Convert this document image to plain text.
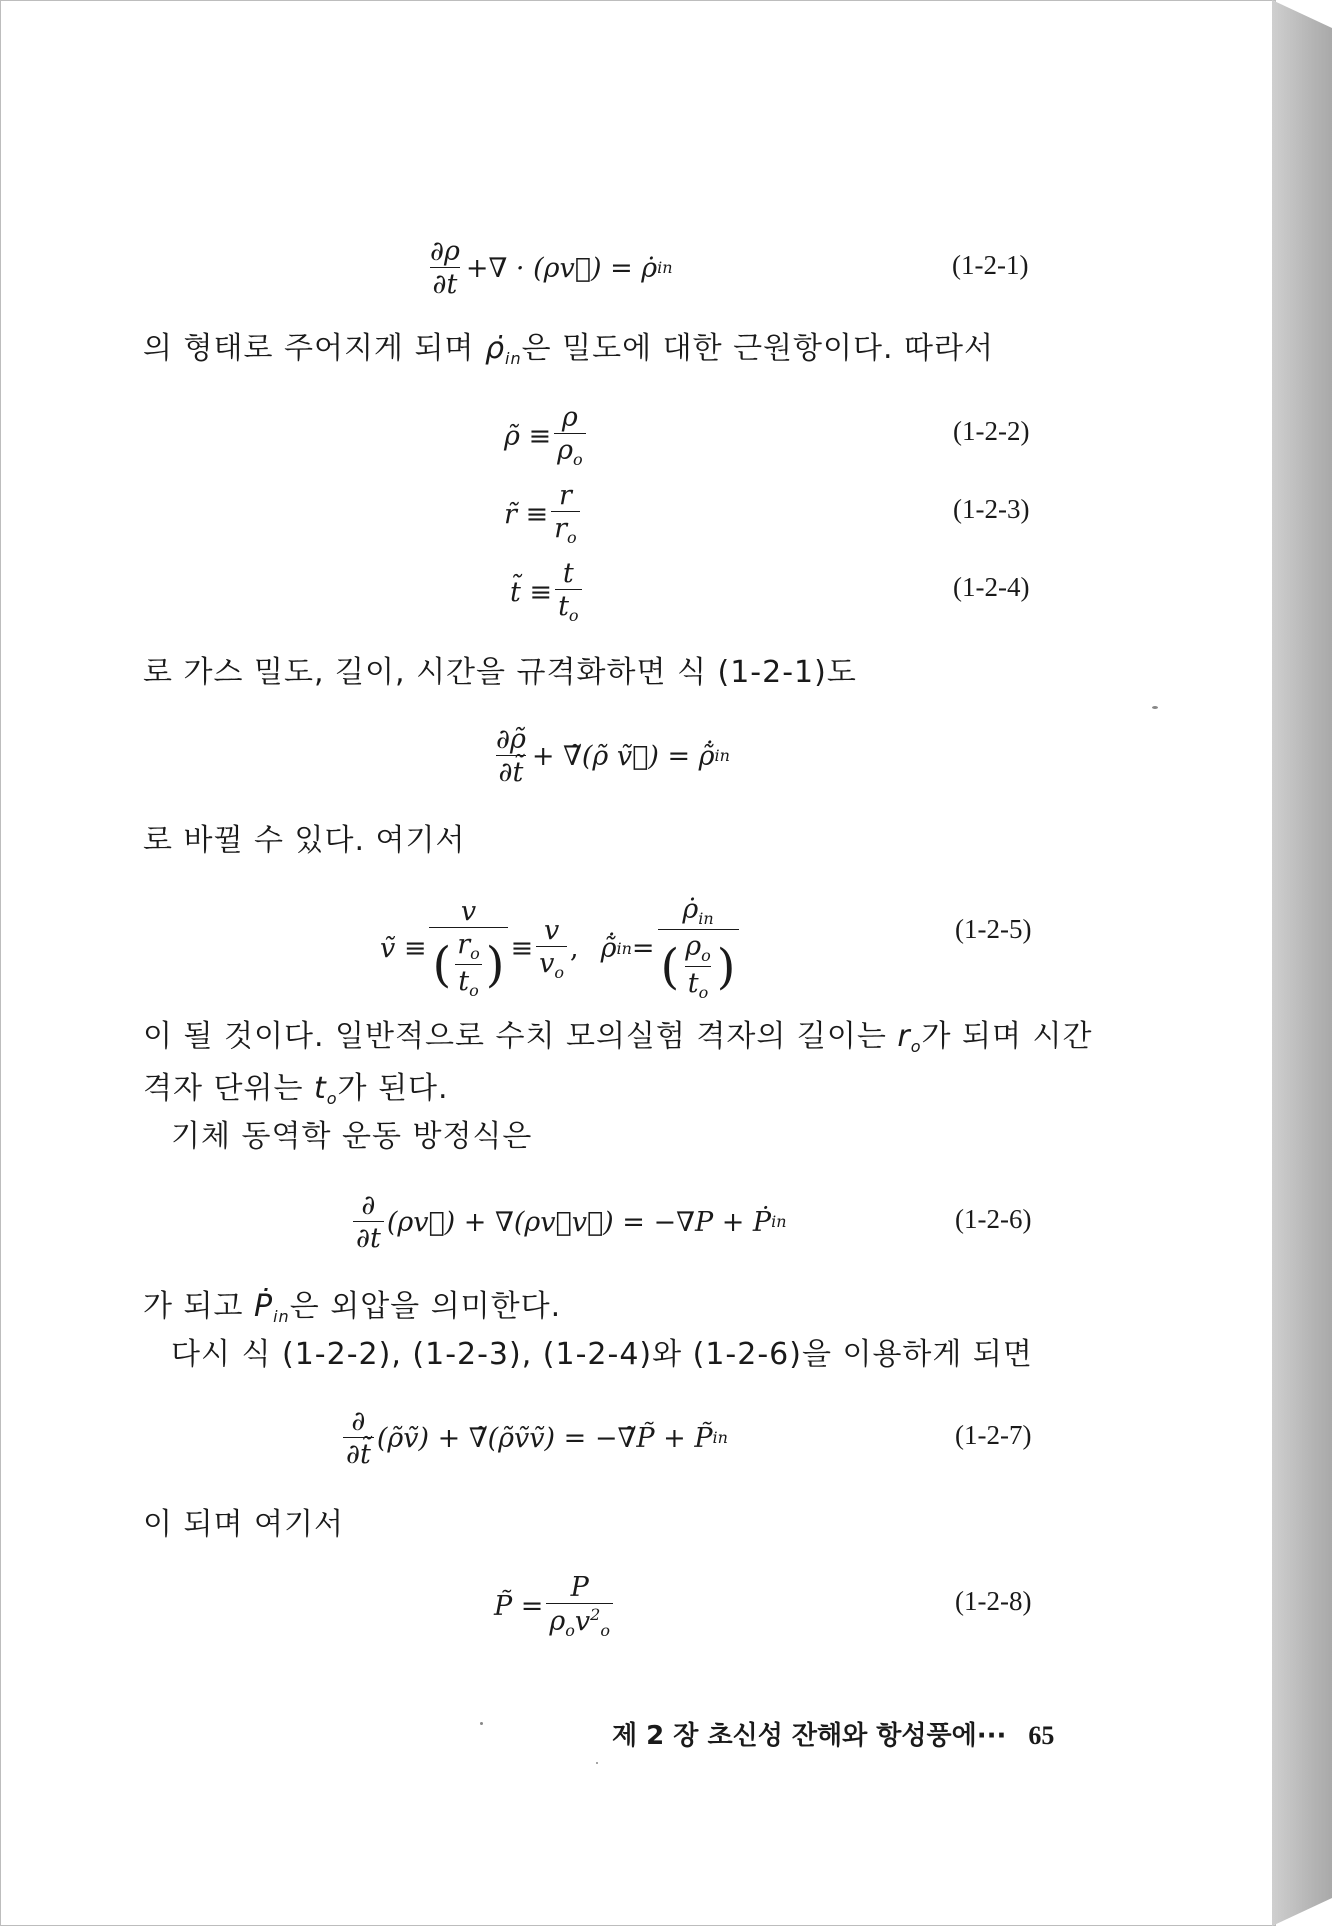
$\frac{\partial\rho}{\partial t}$ +∇ · (ρ v⃗ ) = ρ̇ in	(1-2-1)
의 형태로 주어지게 되며 $\rhȯ_{in}$은 밀도에 대한 근원항이다. 따라서
ρ̃ ≡ $\frac{\rho}{\rho_o}$	(1-2-2)
r̃ ≡ $\frac{r}{r_o}$	(1-2-3)
t̃ ≡ $\frac{t}{t_o}$	(1-2-4)
로 가스 밀도, 길이, 시간을 규격화하면 식 (1-2-1)도
$\frac{\partial\rhõ}{\partial t̃}$ + ∇̃(ρ̃ ṽ⃗) = ρ̃̇ in
로 바뀔 수 있다. 여기서
ṽ ≡ $\frac{v}{( \frac{r_o}{t_o} )} \equiv \frac{v}{v_o}$ , ρ̃̇ in = $\frac{\rhȯ_{in}}{( \frac{\rho_o}{t_o} )}$	(1-2-5)
이 될 것이다. 일반적으로 수치 모의실험 격자의 길이는 $r_o$가 되며 시간
격자 단위는 $t_o$가 된다.
기체 동역학 운동 방정식은
$\frac{\partial}{\partial t}$ (ρv⃗) + ∇(ρv⃗v⃗) = −∇P + Ṗ in	(1-2-6)
가 되고 Ṗ$_{in}$은 외압을 의미한다.
다시 식 (1-2-2), (1-2-3), (1-2-4)와 (1-2-6)을 이용하게 되면
$\frac{\partial}{\partial t̃}$ (ρ̃ṽ) + ∇̃(ρ̃ṽṽ) = −∇̃P̃ + P̃ in	(1-2-7)
이 되며 여기서
P̃ = $\frac{P}{\rho_ov^2_o}$	(1-2-8)
제 2 장 초신성 잔해와 항성풍에··· 65
